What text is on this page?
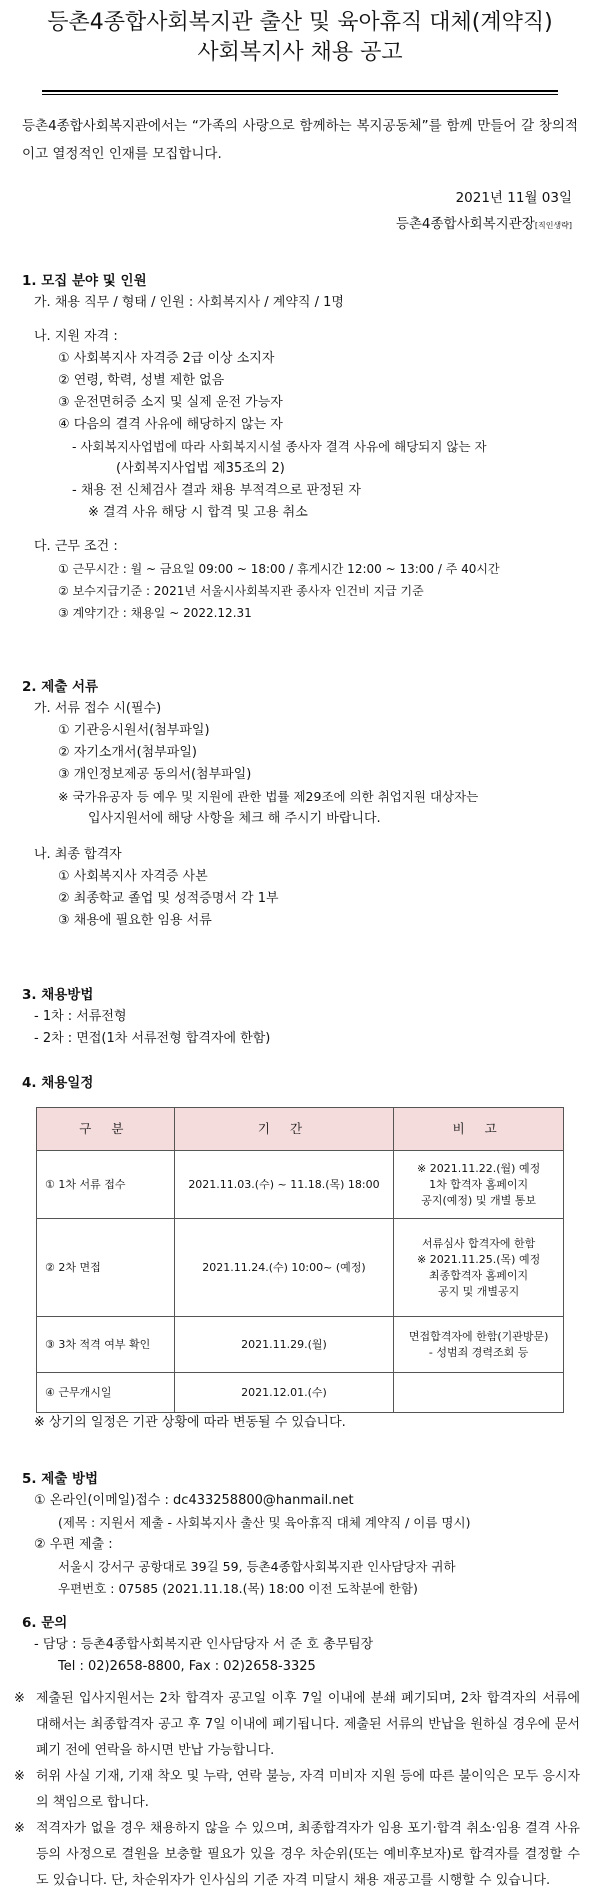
등촌4종합사회복지관 출산 및 육아휴직 대체(계약직)
사회복지사 채용 공고
등촌4종합사회복지관에서는 “가족의 사랑으로 함께하는 복지공동체”를 함께 만들어 갈 창의적이고 열정적인 인재를 모집합니다.
2021년 11월 03일
등촌4종합사회복지관장[직인생략]
1. 모집 분야 및 인원
가. 채용 직무 / 형태 / 인원 : 사회복지사 / 계약직 / 1명
나. 지원 자격 :
① 사회복지사 자격증 2급 이상 소지자
② 연령, 학력, 성별 제한 없음
③ 운전면허증 소지 및 실제 운전 가능자
④ 다음의 결격 사유에 해당하지 않는 자
- 사회복지사업법에 따라 사회복지시설 종사자 결격 사유에 해당되지 않는 자
(사회복지사업법 제35조의 2)
- 채용 전 신체검사 결과 채용 부적격으로 판정된 자
※ 결격 사유 해당 시 합격 및 고용 취소
다. 근무 조건 :
① 근무시간 : 월 ~ 금요일 09:00 ~ 18:00 / 휴게시간 12:00 ~ 13:00 / 주 40시간
② 보수지급기준 : 2021년 서울시사회복지관 종사자 인건비 지급 기준
③ 계약기간 : 채용일 ~ 2022.12.31
2. 제출 서류
가. 서류 접수 시(필수)
① 기관응시원서(첨부파일)
② 자기소개서(첨부파일)
③ 개인정보제공 동의서(첨부파일)
※ 국가유공자 등 예우 및 지원에 관한 법률 제29조에 의한 취업지원 대상자는
입사지원서에 해당 사항을 체크 해 주시기 바랍니다.
나. 최종 합격자
① 사회복지사 자격증 사본
② 최종학교 졸업 및 성적증명서 각 1부
③ 채용에 필요한 임용 서류
3. 채용방법
- 1차 : 서류전형
- 2차 : 면접(1차 서류전형 합격자에 한함)
4. 채용일정
구 분	기 간	비 고
① 1차 서류 접수	2021.11.03.(수) ~ 11.18.(목) 18:00	※ 2021.11.22.(월) 예정
1차 합격자 홈페이지
공지(예정) 및 개별 통보

② 2차 면접	2021.11.24.(수) 10:00~ (예정)	서류심사 합격자에 한함
※ 2021.11.25.(목) 예정
최종합격자 홈페이지
공지 및 개별공지

③ 3차 적격 여부 확인	2021.11.29.(월)	면접합격자에 한함(기관방문)
- 성범죄 경력조회 등

④ 근무개시일	2021.12.01.(수)	
※ 상기의 일정은 기관 상황에 따라 변동될 수 있습니다.
5. 제출 방법
① 온라인(이메일)접수 : dc433258800@hanmail.net
(제목 : 지원서 제출 - 사회복지사 출산 및 육아휴직 대체 계약직 / 이름 명시)
② 우편 제출 :
서울시 강서구 공항대로 39길 59, 등촌4종합사회복지관 인사담당자 귀하
우편번호 : 07585 (2021.11.18.(목) 18:00 이전 도착분에 한함)
6. 문의
- 담당 : 등촌4종합사회복지관 인사담당자 서 준 호 총무팀장
Tel : 02)2658-8800, Fax : 02)2658-3325
※ 제출된 입사지원서는 2차 합격자 공고일 이후 7일 이내에 분쇄 폐기되며, 2차 합격자의 서류에 대해서는 최종합격자 공고 후 7일 이내에 폐기됩니다. 제출된 서류의 반납을 원하실 경우에 문서 폐기 전에 연락을 하시면 반납 가능합니다.
※ 허위 사실 기재, 기재 착오 및 누락, 연락 불능, 자격 미비자 지원 등에 따른 불이익은 모두 응시자의 책임으로 합니다.
※ 적격자가 없을 경우 채용하지 않을 수 있으며, 최종합격자가 임용 포기·합격 취소·임용 결격 사유 등의 사정으로 결원을 보충할 필요가 있을 경우 차순위(또는 예비후보자)로 합격자를 결정할 수도 있습니다. 단, 차순위자가 인사심의 기준 자격 미달시 채용 재공고를 시행할 수 있습니다.
